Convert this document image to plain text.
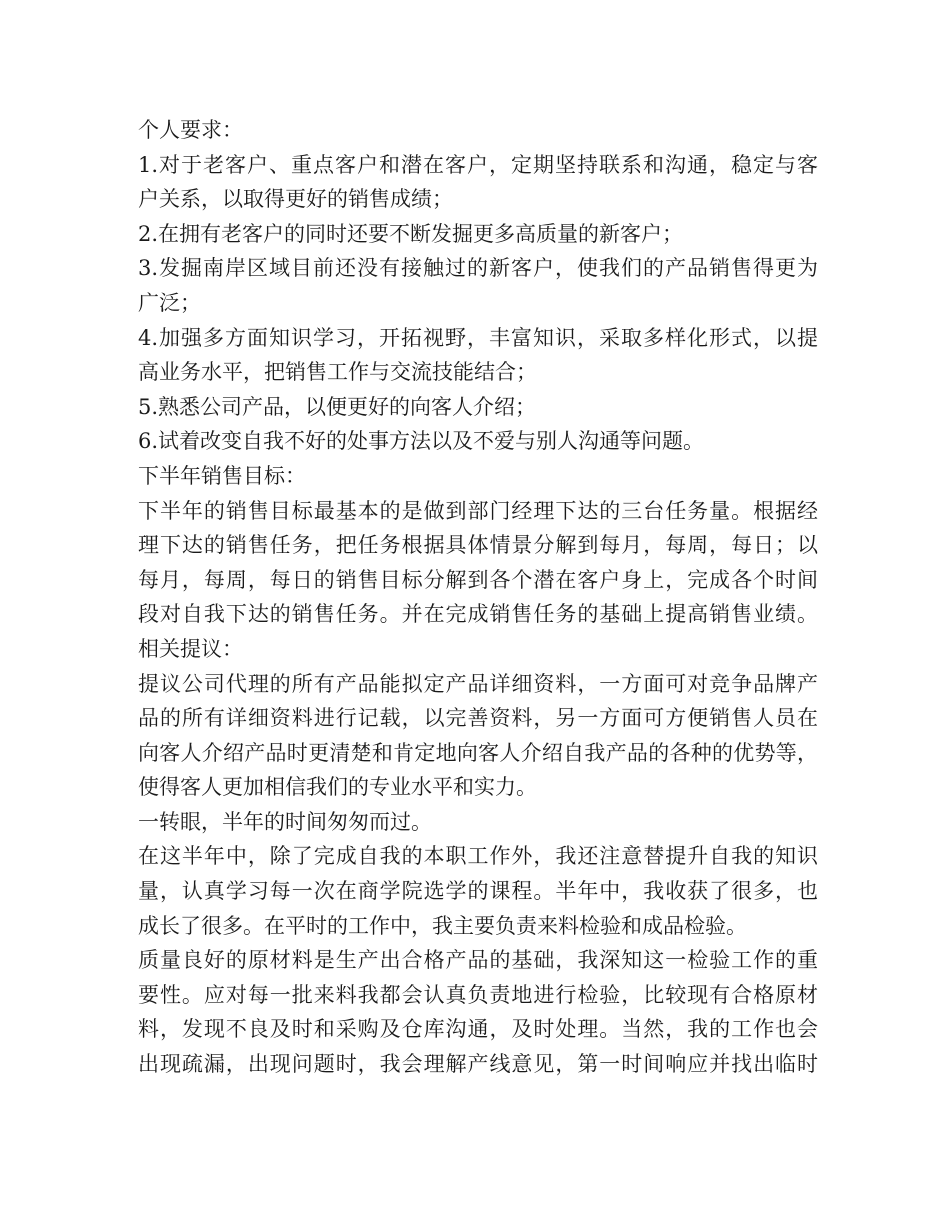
个人要求：
1.对于老客户、重点客户和潜在客户，定期坚持联系和沟通，稳定与客
户关系，以取得更好的销售成绩；
2.在拥有老客户的同时还要不断发掘更多高质量的新客户；
3.发掘南岸区域目前还没有接触过的新客户，使我们的产品销售得更为
广泛；
4.加强多方面知识学习，开拓视野，丰富知识，采取多样化形式，以提
高业务水平，把销售工作与交流技能结合；
5.熟悉公司产品，以便更好的向客人介绍；
6.试着改变自我不好的处事方法以及不爱与别人沟通等问题。
下半年销售目标：
下半年的销售目标最基本的是做到部门经理下达的三台任务量。根据经
理下达的销售任务，把任务根据具体情景分解到每月，每周，每日；以
每月，每周，每日的销售目标分解到各个潜在客户身上，完成各个时间
段对自我下达的销售任务。并在完成销售任务的基础上提高销售业绩。
相关提议：
提议公司代理的所有产品能拟定产品详细资料，一方面可对竞争品牌产
品的所有详细资料进行记载，以完善资料，另一方面可方便销售人员在
向客人介绍产品时更清楚和肯定地向客人介绍自我产品的各种的优势等，
使得客人更加相信我们的专业水平和实力。
一转眼，半年的时间匆匆而过。
在这半年中，除了完成自我的本职工作外，我还注意替提升自我的知识
量，认真学习每一次在商学院选学的课程。半年中，我收获了很多，也
成长了很多。在平时的工作中，我主要负责来料检验和成品检验。
质量良好的原材料是生产出合格产品的基础，我深知这一检验工作的重
要性。应对每一批来料我都会认真负责地进行检验，比较现有合格原材
料，发现不良及时和采购及仓库沟通，及时处理。当然，我的工作也会
出现疏漏，出现问题时，我会理解产线意见，第一时间响应并找出临时
